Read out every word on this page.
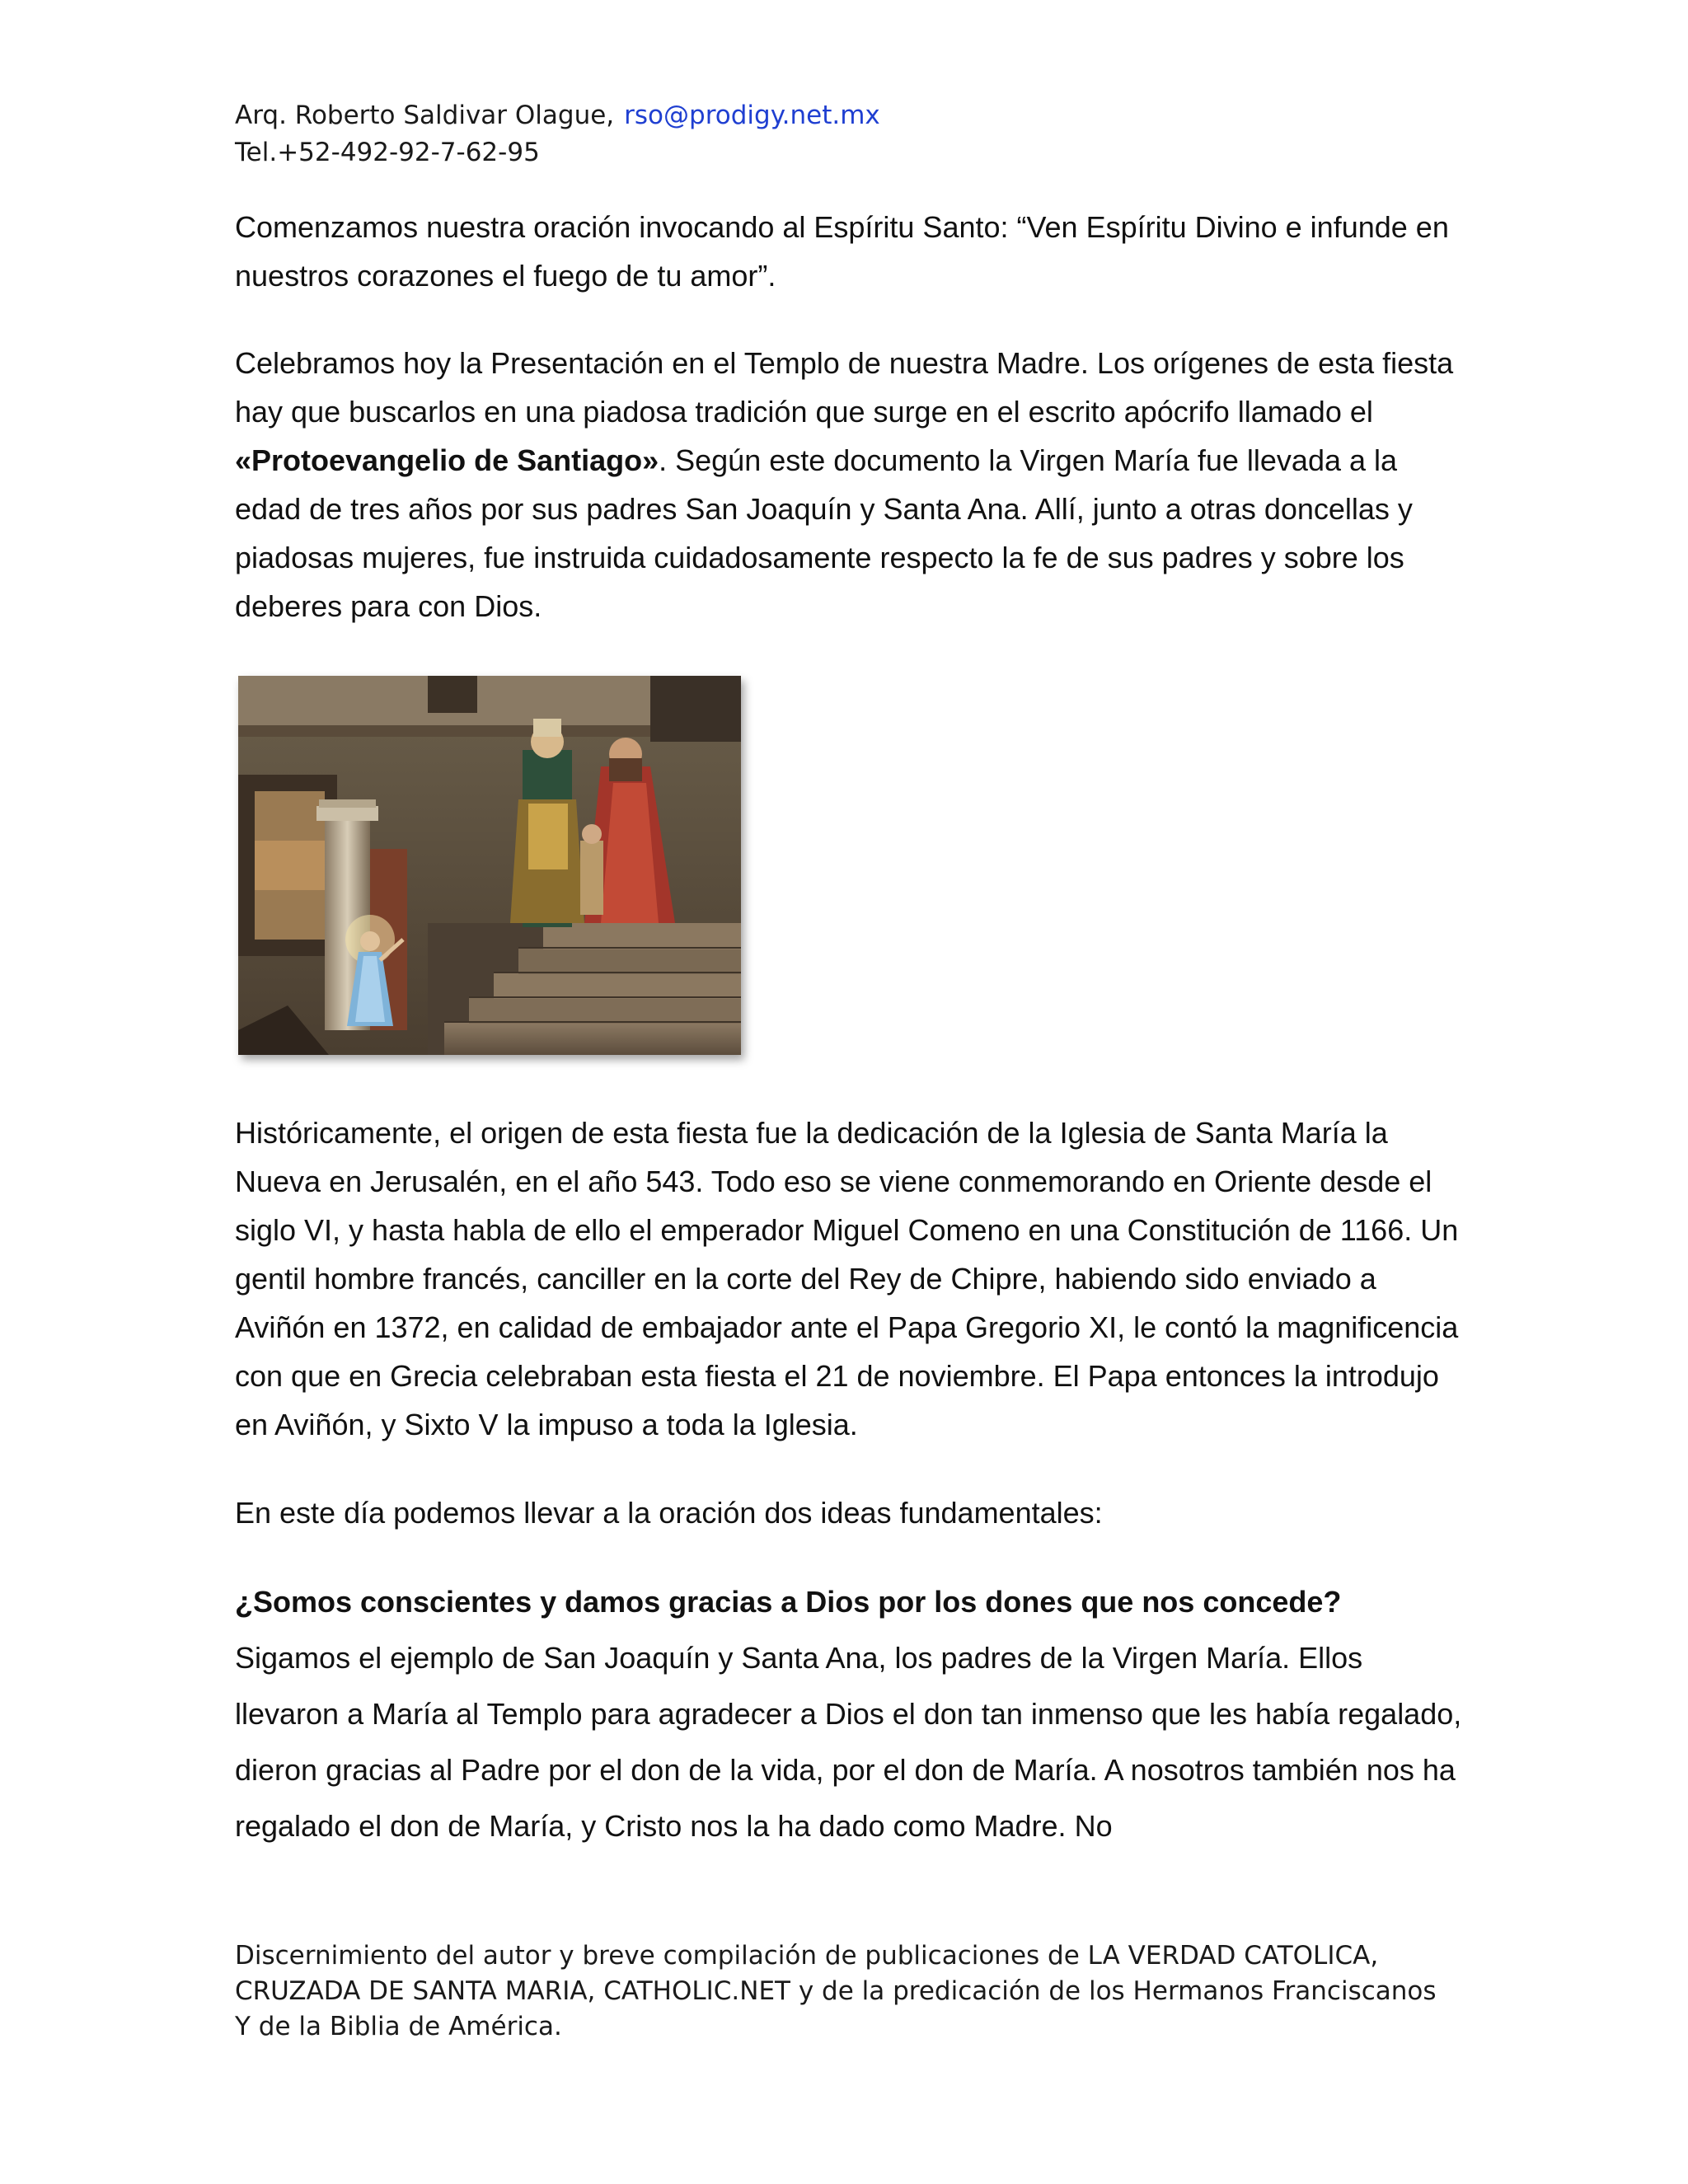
Arq. Roberto Saldivar Olague, rso@prodigy.net.mx
Tel.+52-492-92-7-62-95

Comenzamos nuestra oración invocando al Espíritu Santo: “Ven Espíritu Divino e infunde en nuestros corazones el fuego de tu amor”.

Celebramos hoy la Presentación en el Templo de nuestra Madre. Los orígenes de esta fiesta hay que buscarlos en una piadosa tradición que surge en el escrito apócrifo llamado el «Protoevangelio de Santiago». Según este documento la Virgen María fue llevada a la edad de tres años por sus padres San Joaquín y Santa Ana. Allí, junto a otras doncellas y piadosas mujeres, fue instruida cuidadosamente respecto la fe de sus padres y sobre los deberes para con Dios.

Históricamente, el origen de esta fiesta fue la dedicación de la Iglesia de Santa María la Nueva en Jerusalén, en el año 543. Todo eso se viene conmemorando en Oriente desde el siglo VI, y hasta habla de ello el emperador Miguel Comeno en una Constitución de 1166. Un gentil hombre francés, canciller en la corte del Rey de Chipre, habiendo sido enviado a Aviñón en 1372, en calidad de embajador ante el Papa Gregorio XI, le contó la magnificencia con que en Grecia celebraban esta fiesta el 21 de noviembre. El Papa entonces la introdujo en Aviñón, y Sixto V la impuso a toda la Iglesia.

En este día podemos llevar a la oración dos ideas fundamentales:

¿Somos conscientes y damos gracias a Dios por los dones que nos concede?
Sigamos el ejemplo de San Joaquín y Santa Ana, los padres de la Virgen María. Ellos llevaron a María al Templo para agradecer a Dios el don tan inmenso que les había regalado, dieron gracias al Padre por el don de la vida, por el don de María. A nosotros también nos ha regalado el don de María, y Cristo nos la ha dado como Madre. No

Discernimiento del autor y breve compilación de publicaciones de LA VERDAD CATOLICA,
CRUZADA DE SANTA MARIA, CATHOLIC.NET y de la predicación de los Hermanos Franciscanos
Y de la Biblia de América.
